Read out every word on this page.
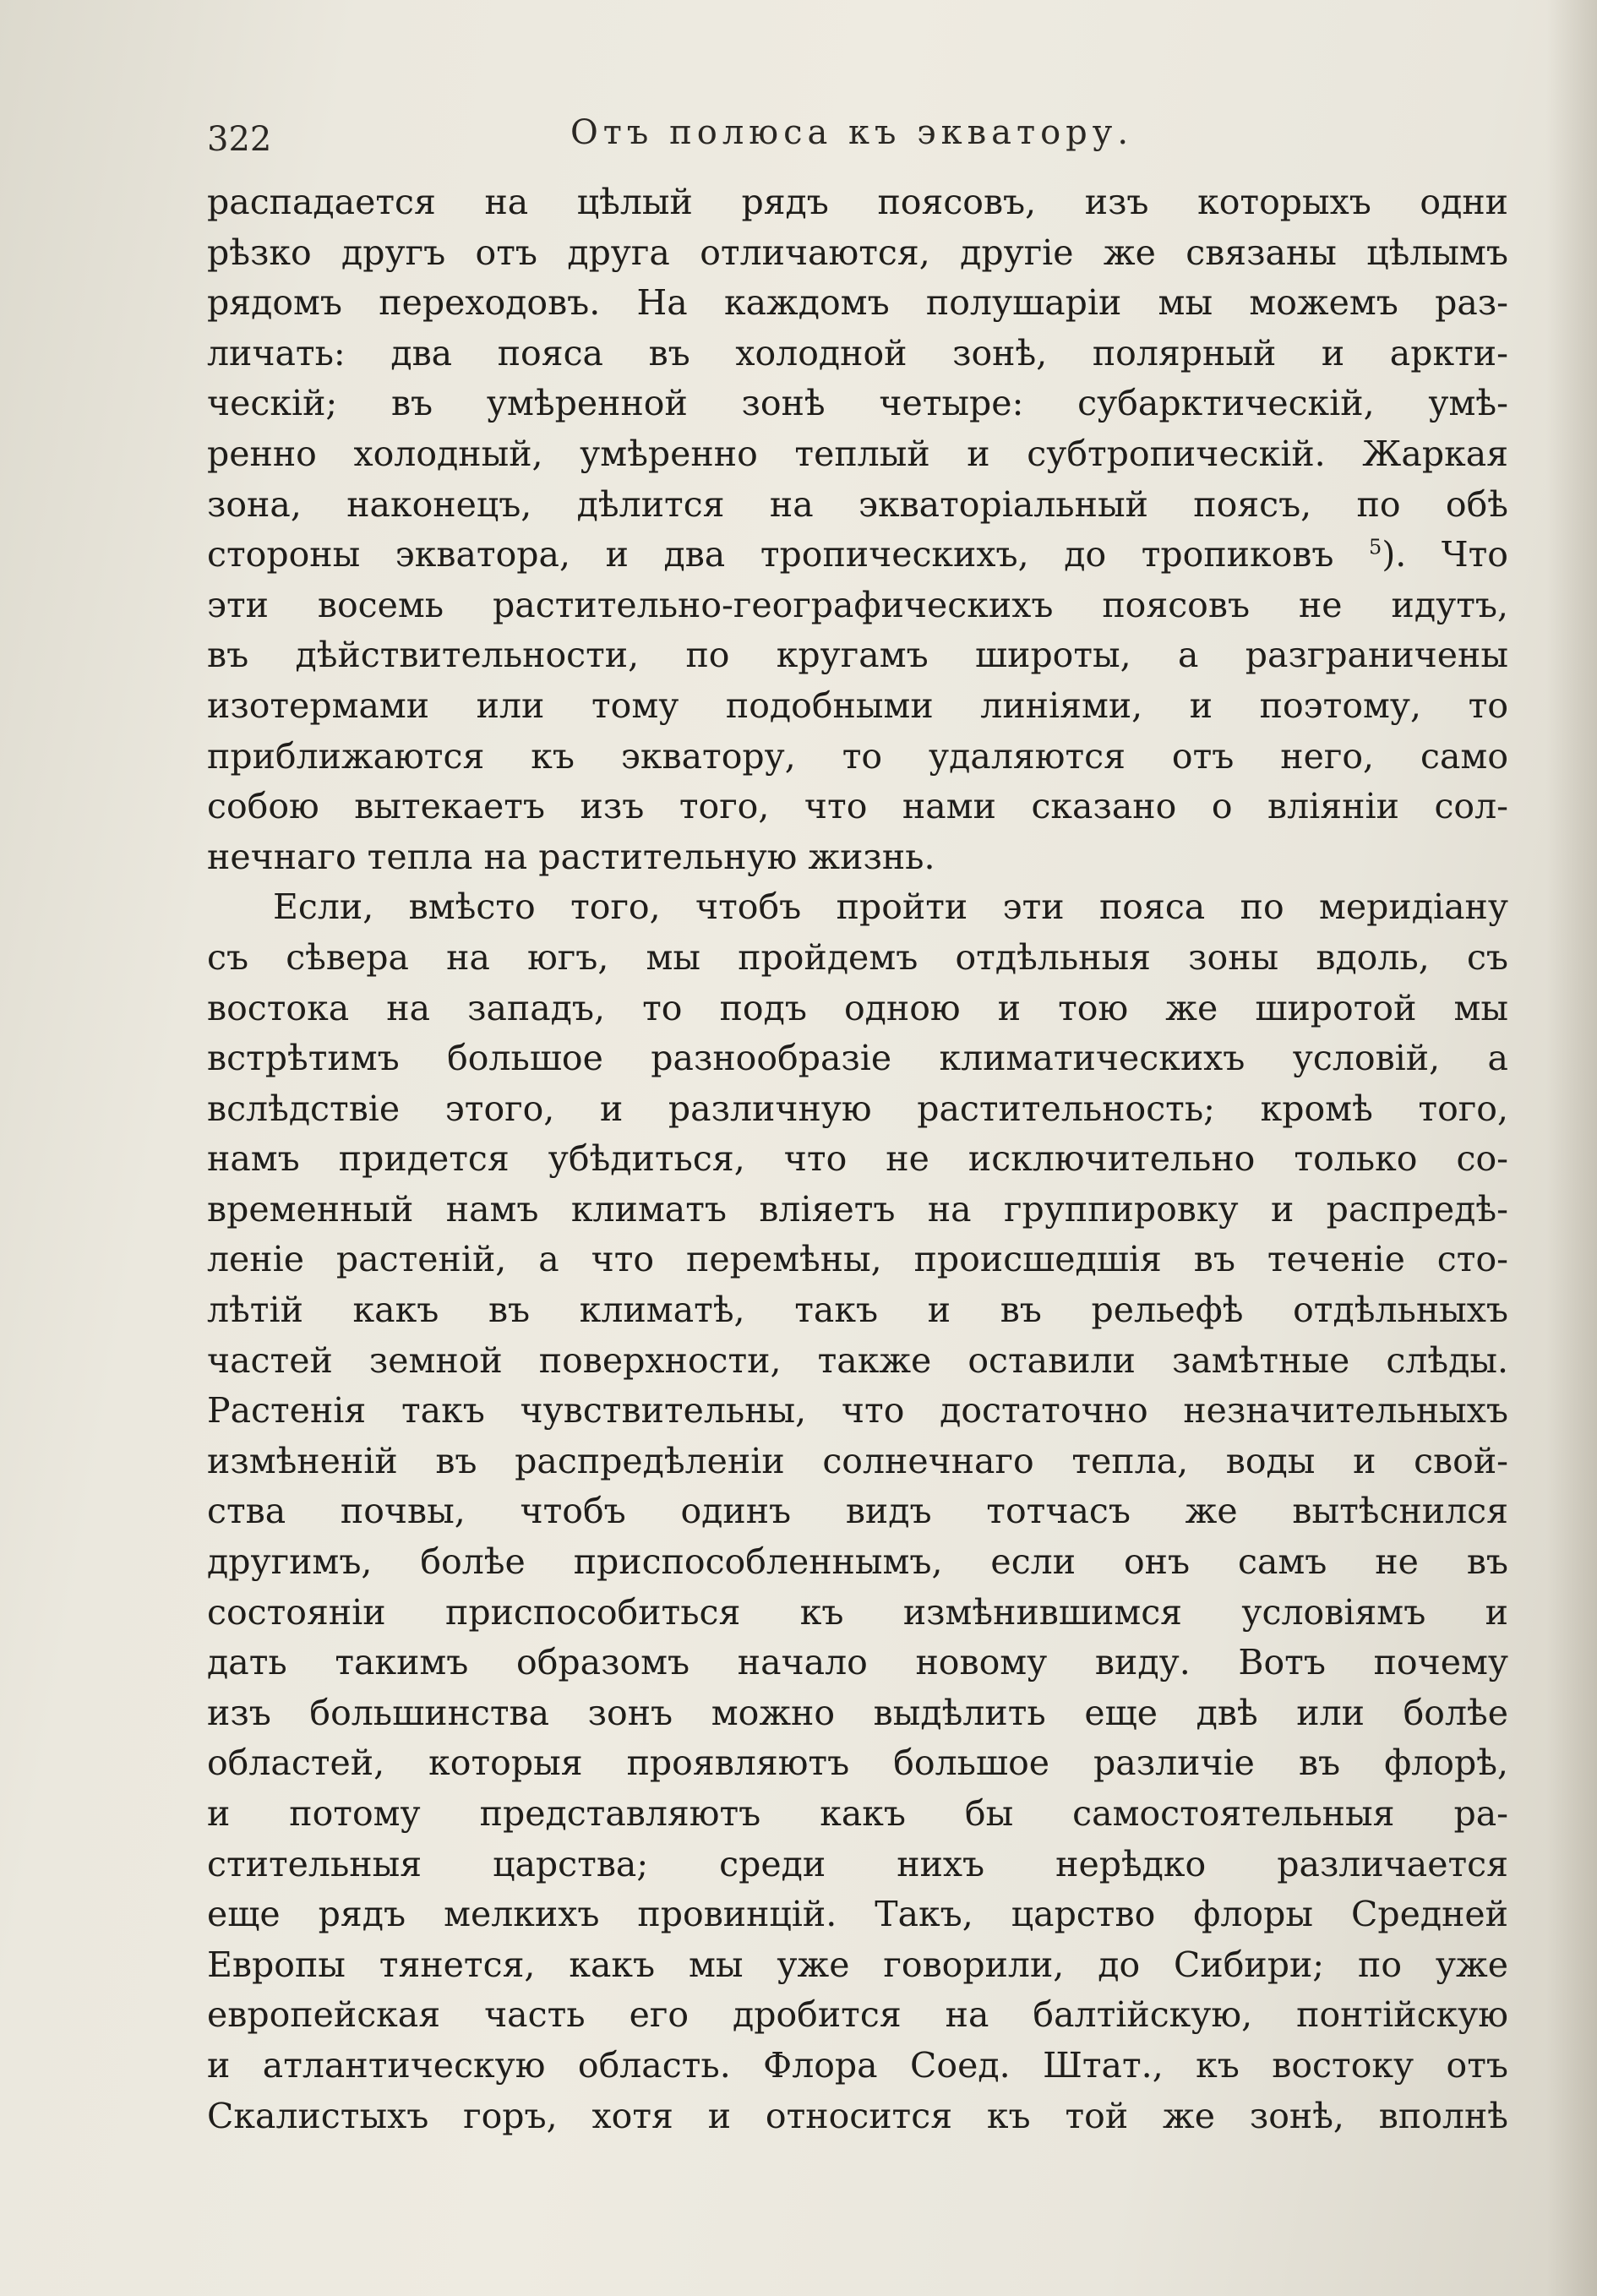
322	Отъ полюса къ экватору.
распадается на цѣлый рядъ поясовъ, изъ которыхъ одни
рѣзко другъ отъ друга отличаются, другіе же связаны цѣлымъ
рядомъ переходовъ. На каждомъ полушаріи мы можемъ раз-
личать: два пояса въ холодной зонѣ, полярный и аркти-
ческій; въ умѣренной зонѣ четыре: субарктическій, умѣ-
ренно холодный, умѣренно теплый и субтропическій. Жаркая
зона, наконецъ, дѣлится на экваторіальный поясъ, по обѣ
стороны экватора, и два тропическихъ, до тропиковъ $^5$). Что
эти восемь растительно-географическихъ поясовъ не идутъ,
въ дѣйствительности, по кругамъ широты, а разграничены
изотермами или тому подобными линіями, и поэтому, то
приближаются къ экватору, то удаляются отъ него, само
собою вытекаетъ изъ того, что нами сказано о вліяніи сол-
нечнаго тепла на растительную жизнь.
Если, вмѣсто того, чтобъ пройти эти пояса по меридіану
съ сѣвера на югъ, мы пройдемъ отдѣльныя зоны вдоль, съ
востока на западъ, то подъ одною и тою же широтой мы
встрѣтимъ большое разнообразіе климатическихъ условій, а
вслѣдствіе этого, и различную растительность; кромѣ того,
намъ придется убѣдиться, что не исключительно только со-
временный намъ климатъ вліяетъ на группировку и распредѣ-
леніе растеній, а что перемѣны, происшедшія въ теченіе сто-
лѣтій какъ въ климатѣ, такъ и въ рельефѣ отдѣльныхъ
частей земной поверхности, также оставили замѣтные слѣды.
Растенія такъ чувствительны, что достаточно незначительныхъ
измѣненій въ распредѣленіи солнечнаго тепла, воды и свой-
ства почвы, чтобъ одинъ видъ тотчасъ же вытѣснился
другимъ, болѣе приспособленнымъ, если онъ самъ не въ
состояніи приспособиться къ измѣнившимся условіямъ и
дать такимъ образомъ начало новому виду. Вотъ почему
изъ большинства зонъ можно выдѣлить еще двѣ или болѣе
областей, которыя проявляютъ большое различіе въ флорѣ,
и потому представляютъ какъ бы самостоятельныя ра-
стительныя царства; среди нихъ нерѣдко различается
еще рядъ мелкихъ провинцій. Такъ, царство флоры Средней
Европы тянется, какъ мы уже говорили, до Сибири; по уже
европейская часть его дробится на балтійскую, понтійскую
и атлантическую область. Флора Соед. Штат., къ востоку отъ
Скалистыхъ горъ, хотя и относится къ той же зонѣ, вполнѣ
